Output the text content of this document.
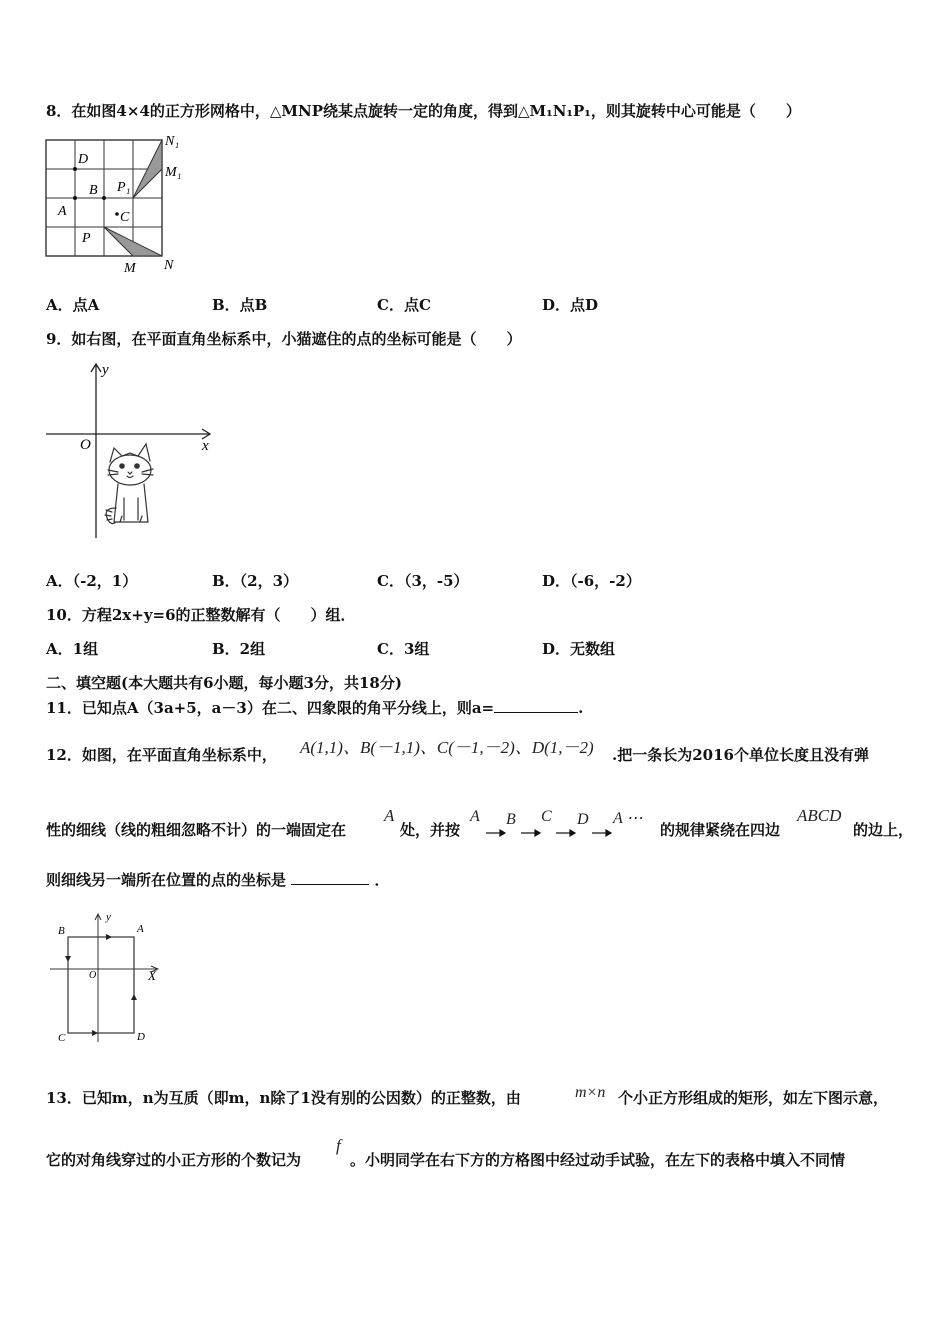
8．在如图4×4的正方形网格中，△MNP绕某点旋转一定的角度，得到△M₁N₁P₁，则其旋转中心可能是（　　）
D
B
A	C
P
M N
P₁
M₁
N₁
A．点A	B．点B	C．点C	D．点D
9．如右图，在平面直角坐标系中，小猫遮住的点的坐标可能是（　　）
y
x
O
A．（-2，1）	B．（2，3）	C．（3，-5）	D．（-6，-2）
10．方程2x+y=6的正整数解有（　　）组．
A．1组	B．2组	C．3组	D．无数组
二、填空题(本大题共有6小题，每小题3分，共18分)
11．已知点A（3a+5，a－3）在二、四象限的角平分线上，则a=	.
12．如图，在平面直角坐标系中， A(1,1)、B(－1,1)、C(－1,－2)、D(1,－2) .把一条长为2016个单位长度且没有弹
性的细线（线的粗细忽略不计）的一端固定在
A
处，并按
A B C D A ⋯
的规律紧绕在四边
ABCD
的边上，
则细线另一端所在位置的点的坐标是	．
B	A
C	D
O	X
y
13．已知m，n为互质（即m，n除了1没有别的公因数）的正整数，由	m×n 个小正方形组成的矩形，如左下图示意，
它的对角线穿过的小正方形的个数记为
f
。小明同学在右下方的方格图中经过动手试验，在左下的表格中填入不同情
